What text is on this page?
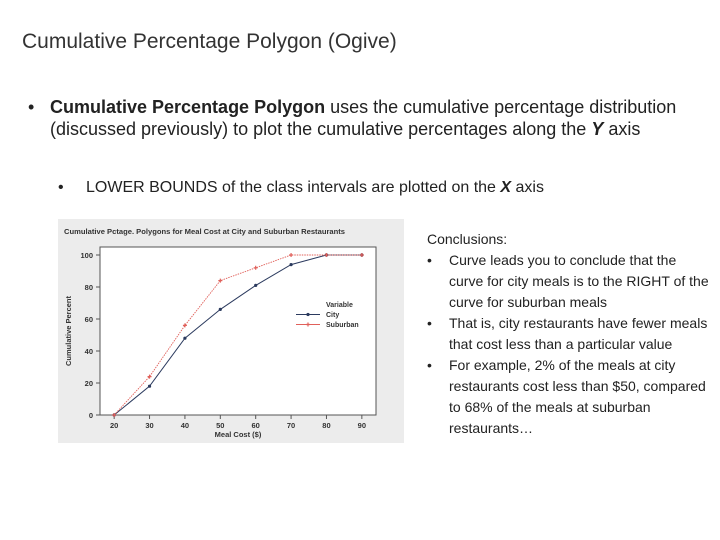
Cumulative Percentage Polygon (Ogive)
• Cumulative Percentage Polygon uses the cumulative percentage distribution (discussed previously) to plot the cumulative percentages along the Y axis
•	LOWER BOUNDS of the class intervals are plotted on the X axis
Cumulative Pctage. Polygons for Meal Cost at City and Suburban Restaurants
0
20
40
60
80
100
20	30	40	50	60	70	80	90
Meal Cost ($)
Cumulative Percent	Variable
City
Suburban
Conclusions:
• Curve leads you to conclude that the curve for city meals is to the RIGHT of the curve for suburban meals
• That is, city restaurants have fewer meals that cost less than a particular value
• For example, 2% of the meals at city restaurants cost less than $50, compared to 68% of the meals at suburban restaurants…
